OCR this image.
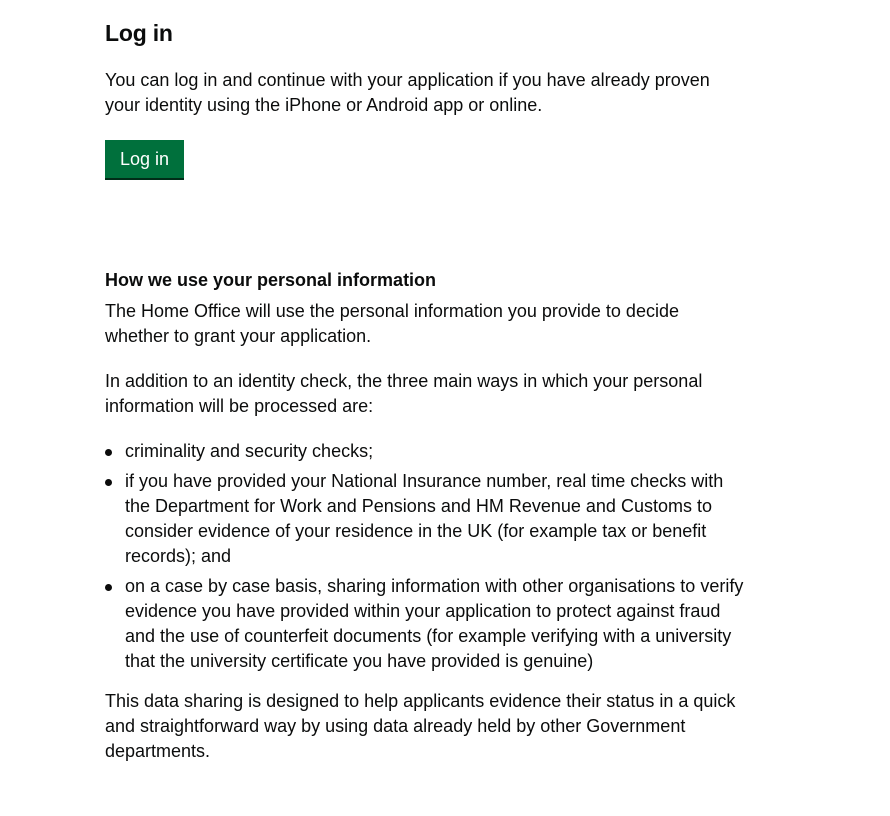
Log in

You can log in and continue with your application if you have already proven your identity using the iPhone or Android app or online.

Log in
How we use your personal information

The Home Office will use the personal information you provide to decide whether to grant your application.

In addition to an identity check, the three main ways in which your personal information will be processed are:

criminality and security checks;
if you have provided your National Insurance number, real time checks with the Department for Work and Pensions and HM Revenue and Customs to consider evidence of your residence in the UK (for example tax or benefit records); and
on a case by case basis, sharing information with other organisations to verify evidence you have provided within your application to protect against fraud and the use of counterfeit documents (for example verifying with a university that the university certificate you have provided is genuine)

This data sharing is designed to help applicants evidence their status in a quick and straightforward way by using data already held by other Government departments.
